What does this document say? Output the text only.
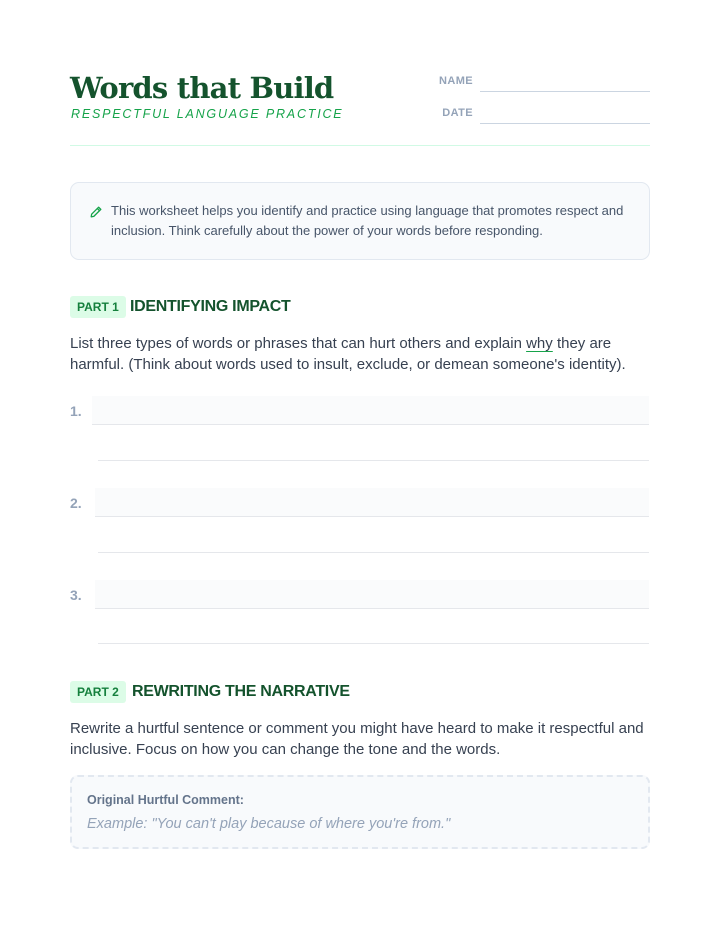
Words that Build
RESPECTFUL LANGUAGE PRACTICE
NAME
DATE
This worksheet helps you identify and practice using language that promotes respect and inclusion. Think carefully about the power of your words before responding.
PART 1 IDENTIFYING IMPACT
List three types of words or phrases that can hurt others and explain why they are harmful. (Think about words used to insult, exclude, or demean someone's identity).
1.
2.
3.
PART 2 REWRITING THE NARRATIVE
Rewrite a hurtful sentence or comment you might have heard to make it respectful and inclusive. Focus on how you can change the tone and the words.
Original Hurtful Comment:
Example: "You can't play because of where you're from."
